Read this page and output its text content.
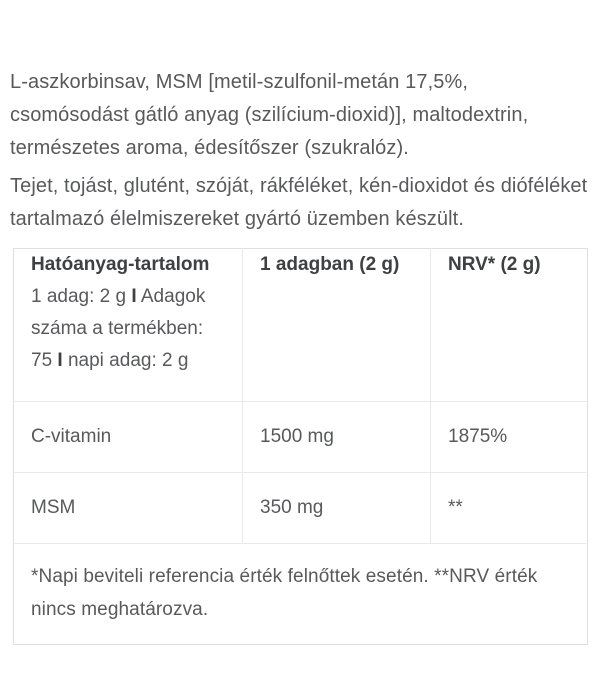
L-aszkorbinsav, MSM [metil-szulfonil-metán 17,5%, csomósodást gátló anyag (szilícium-dioxid)], maltodextrin, természetes aroma, édesítőszer (szukralóz).

Tejet, tojást, glutént, szóját, rákféléket, kén-dioxidot és dióféléket tartalmazó élelmiszereket gyártó üzemben készült.

Hatóanyag-tartalom 1 adag: 2 g I Adagok száma a termékben: 75 I napi adag: 2 g	1 adagban (2 g)	NRV* (2 g)
C-vitamin	1500 mg	1875%
MSM	350 mg	**
*Napi beviteli referencia érték felnőttek esetén. **NRV érték nincs meghatározva.		
